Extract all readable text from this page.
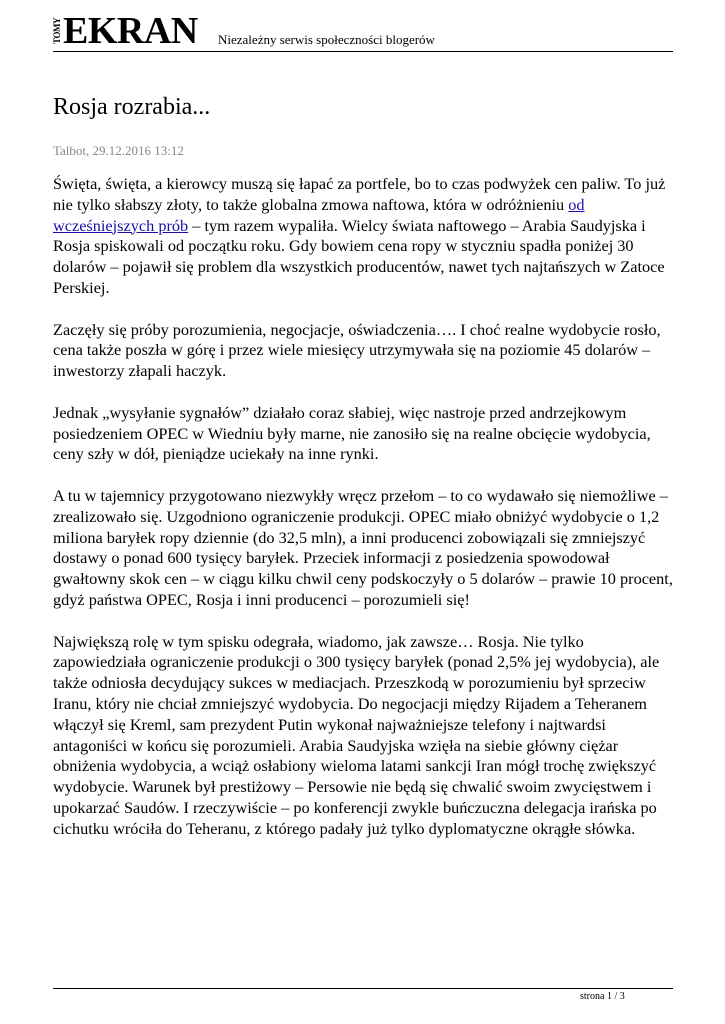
TOMY EKRAN Niezależny serwis społeczności blogerów
Rosja rozrabia...
Talbot, 29.12.2016 13:12

Święta, święta, a kierowcy muszą się łapać za portfele, bo to czas podwyżek cen paliw. To już nie tylko słabszy złoty, to także globalna zmowa naftowa, która w odróżnieniu od wcześniejszych prób – tym razem wypaliła. Wielcy świata naftowego – Arabia Saudyjska i Rosja spiskowali od początku roku. Gdy bowiem cena ropy w styczniu spadła poniżej 30 dolarów – pojawił się problem dla wszystkich producentów, nawet tych najtańszych w Zatoce Perskiej.

Zaczęły się próby porozumienia, negocjacje, oświadczenia…. I choć realne wydobycie rosło, cena także poszła w górę i przez wiele miesięcy utrzymywała się na poziomie 45 dolarów – inwestorzy złapali haczyk.

Jednak „wysyłanie sygnałów” działało coraz słabiej, więc nastroje przed andrzejkowym posiedzeniem OPEC w Wiedniu były marne, nie zanosiło się na realne obcięcie wydobycia, ceny szły w dół, pieniądze uciekały na inne rynki.

A tu w tajemnicy przygotowano niezwykły wręcz przełom – to co wydawało się niemożliwe – zrealizowało się. Uzgodniono ograniczenie produkcji. OPEC miało obniżyć wydobycie o 1,2 miliona baryłek ropy dziennie (do 32,5 mln), a inni producenci zobowiązali się zmniejszyć dostawy o ponad 600 tysięcy baryłek. Przeciek informacji z posiedzenia spowodował gwałtowny skok cen – w ciągu kilku chwil ceny podskoczyły o 5 dolarów – prawie 10 procent, gdyż państwa OPEC, Rosja i inni producenci – porozumieli się!

Największą rolę w tym spisku odegrała, wiadomo, jak zawsze… Rosja. Nie tylko zapowiedziała ograniczenie produkcji o 300 tysięcy baryłek (ponad 2,5% jej wydobycia), ale także odniosła decydujący sukces w mediacjach. Przeszkodą w porozumieniu był sprzeciw Iranu, który nie chciał zmniejszyć wydobycia. Do negocjacji między Rijadem a Teheranem włączył się Kreml, sam prezydent Putin wykonał najważniejsze telefony i najtwardsi antagoniści w końcu się porozumieli. Arabia Saudyjska wzięła na siebie główny ciężar obniżenia wydobycia, a wciąż osłabiony wieloma latami sankcji Iran mógł trochę zwiększyć wydobycie. Warunek był prestiżowy – Persowie nie będą się chwalić swoim zwycięstwem i upokarzać Saudów. I rzeczywiście – po konferencji zwykle buńczuczna delegacja irańska po cichutku wróciła do Teheranu, z którego padały już tylko dyplomatyczne okrągłe słówka.

strona 1 / 3
